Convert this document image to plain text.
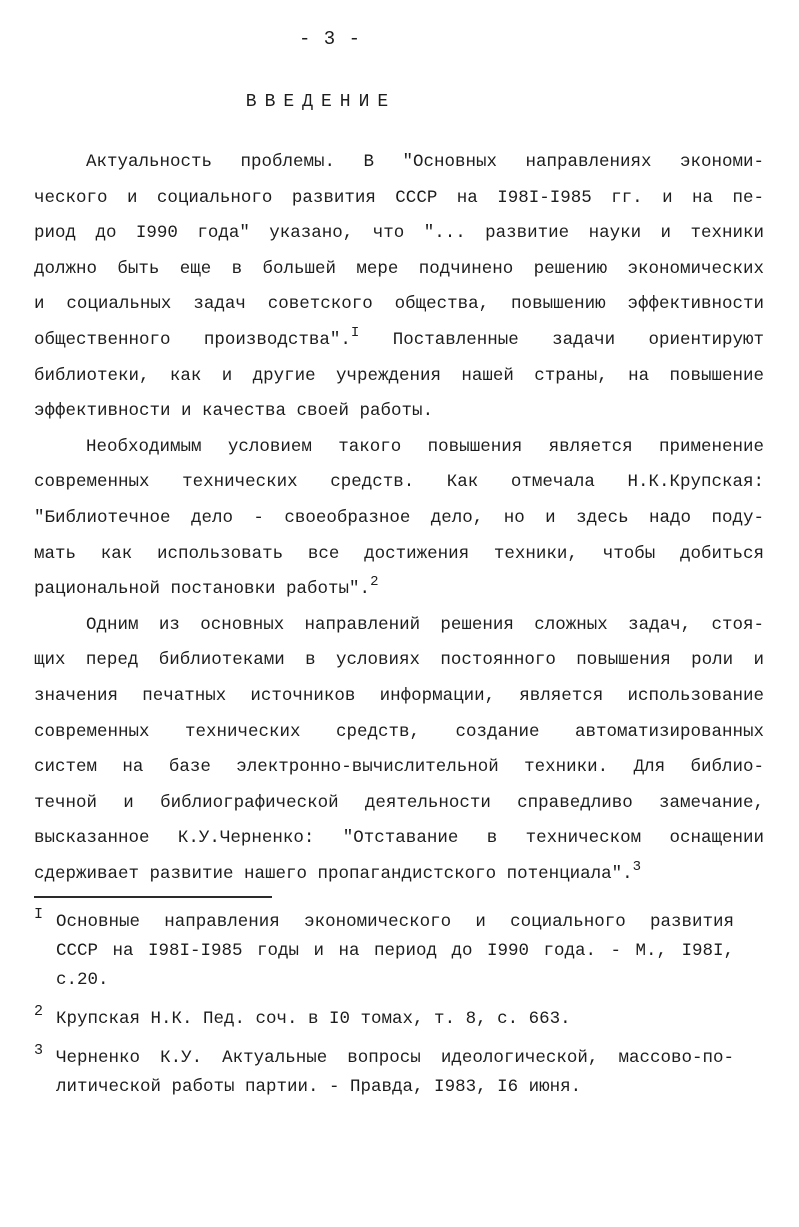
- 3 -
ВВЕДЕНИЕ

Актуальность проблемы. В "Основных направлениях экономи-
ческого и социального развития СССР на I98I-I985 гг. и на пе-
риод до I990 года" указано, что "... развитие науки и техники
должно быть еще в большей мере подчинено решению экономических
и социальных задач советского общества, повышению эффективности
общественного производства".$^I$ Поставленные задачи ориентируют
библиотеки, как и другие учреждения нашей страны, на повышение
эффективности и качества своей работы.

Необходимым условием такого повышения является применение
современных технических средств. Как отмечала Н.К.Крупская:
"Библиотечное дело - своеобразное дело, но и здесь надо поду-
мать как использовать все достижения техники, чтобы добиться
рациональной постановки работы".$^2$

Одним из основных направлений решения сложных задач, стоя-
щих перед библиотеками в условиях постоянного повышения роли и
значения печатных источников информации, является использование
современных технических средств, создание автоматизированных
систем на базе электронно-вычислительной техники. Для библио-
течной и библиографической деятельности справедливо замечание,
высказанное К.У.Черненко: "Отставание в техническом оснащении
сдерживает развитие нашего пропагандистского потенциала".$^3$

I Основные направления экономического и социального развития
СССР на I98I-I985 годы и на период до I990 года. - М., I98I,
с.20.
2 Крупская Н.К. Пед. соч. в I0 томах, т. 8, с. 663.
3 Черненко К.У. Актуальные вопросы идеологической, массово-по-
литической работы партии. - Правда, I983, I6 июня.
